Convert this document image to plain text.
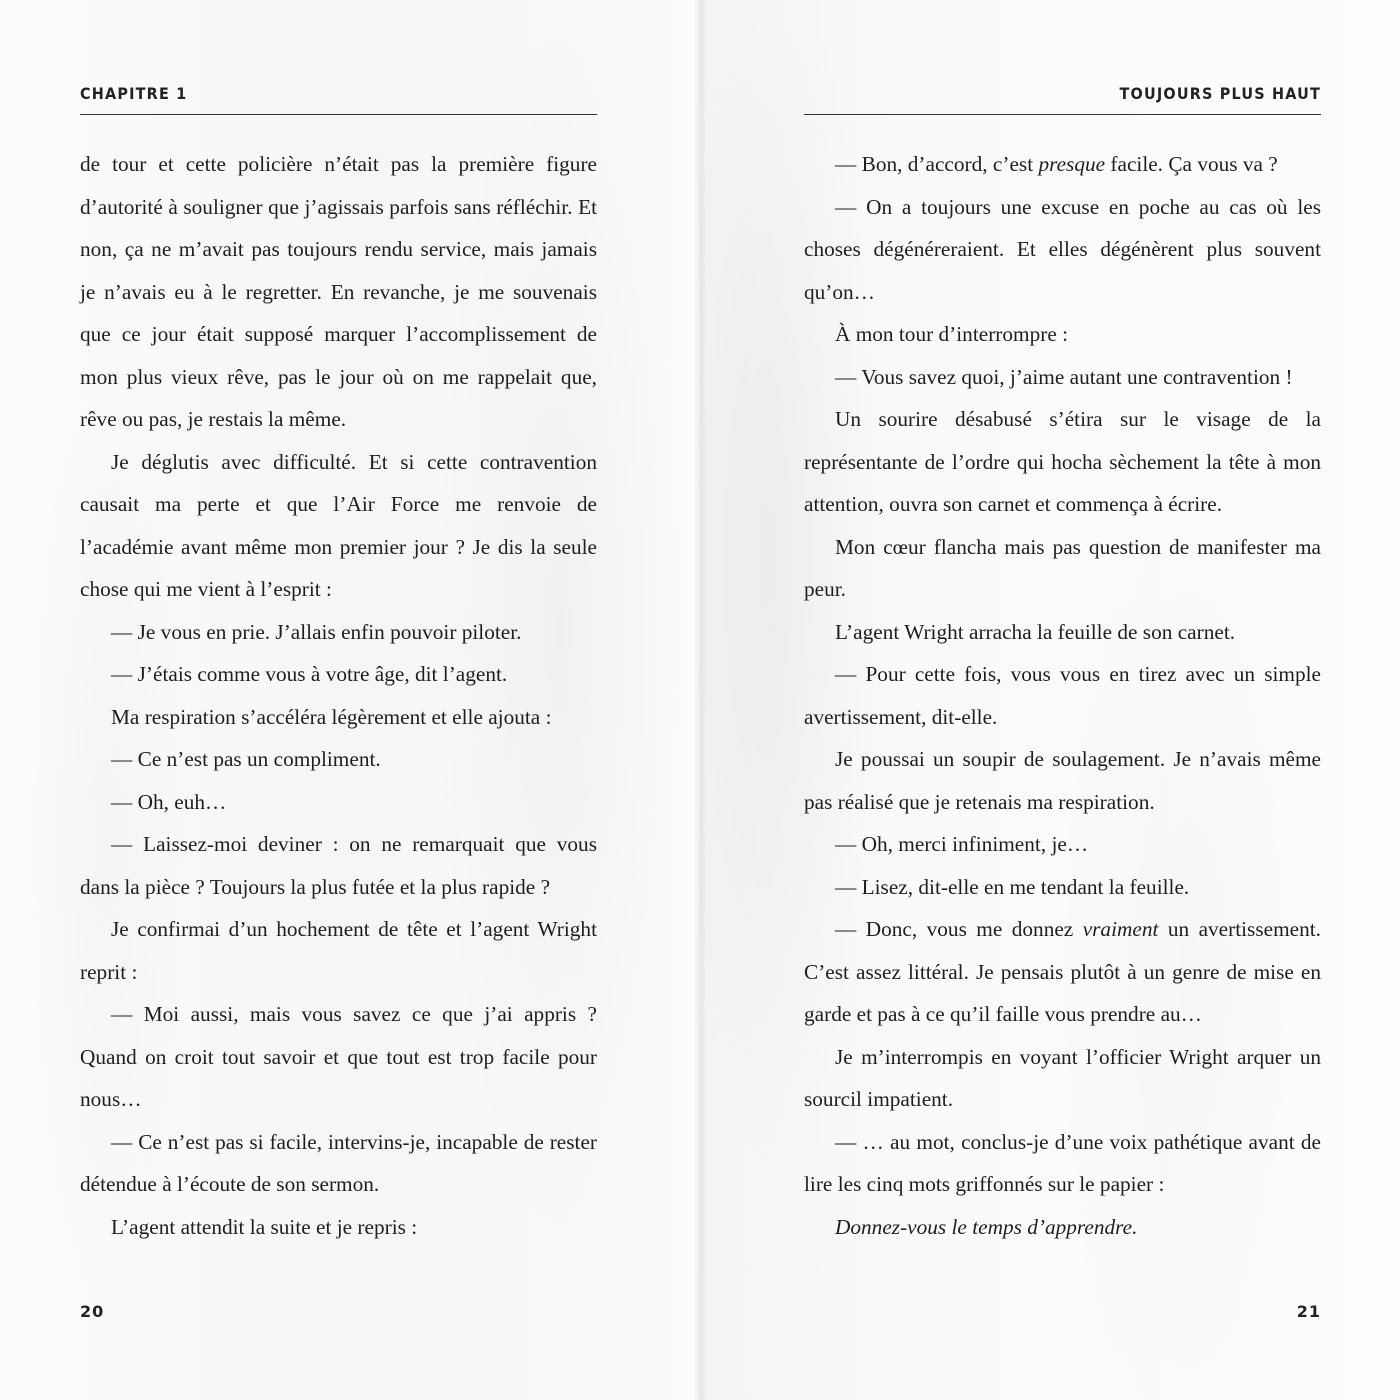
CHAPITRE 1

de tour et cette policière n’était pas la première figure d’autorité à souligner que j’agissais parfois sans réfléchir. Et non, ça ne m’avait pas toujours rendu service, mais jamais je n’avais eu à le regretter. En revanche, je me souvenais que ce jour était supposé marquer l’accomplissement de mon plus vieux rêve, pas le jour où on me rappelait que, rêve ou pas, je restais la même.

Je déglutis avec difficulté. Et si cette contravention causait ma perte et que l’Air Force me renvoie de l’académie avant même mon premier jour ? Je dis la seule chose qui me vient à l’esprit :

— Je vous en prie. J’allais enfin pouvoir piloter.

— J’étais comme vous à votre âge, dit l’agent.

Ma respiration s’accéléra légèrement et elle ajouta :

— Ce n’est pas un compliment.

— Oh, euh…

— Laissez-moi deviner : on ne remarquait que vous dans la pièce ? Toujours la plus futée et la plus rapide ?

Je confirmai d’un hochement de tête et l’agent Wright reprit :

— Moi aussi, mais vous savez ce que j’ai appris ? Quand on croit tout savoir et que tout est trop facile pour nous…

— Ce n’est pas si facile, intervins-je, incapable de rester détendue à l’écoute de son sermon.

L’agent attendit la suite et je repris :

20
TOUJOURS PLUS HAUT

— Bon, d’accord, c’est presque facile. Ça vous va ?

— On a toujours une excuse en poche au cas où les choses dégénéreraient. Et elles dégénèrent plus souvent qu’on…

À mon tour d’interrompre :

— Vous savez quoi, j’aime autant une contravention !

Un sourire désabusé s’étira sur le visage de la représentante de l’ordre qui hocha sèchement la tête à mon attention, ouvra son carnet et commença à écrire.

Mon cœur flancha mais pas question de manifester ma peur.

L’agent Wright arracha la feuille de son carnet.

— Pour cette fois, vous vous en tirez avec un simple avertissement, dit-elle.

Je poussai un soupir de soulagement. Je n’avais même pas réalisé que je retenais ma respiration.

— Oh, merci infiniment, je…

— Lisez, dit-elle en me tendant la feuille.

— Donc, vous me donnez vraiment un avertissement. C’est assez littéral. Je pensais plutôt à un genre de mise en garde et pas à ce qu’il faille vous prendre au…

Je m’interrompis en voyant l’officier Wright arquer un sourcil impatient.

— … au mot, conclus-je d’une voix pathétique avant de lire les cinq mots griffonnés sur le papier :

Donnez-vous le temps d’apprendre.

21
